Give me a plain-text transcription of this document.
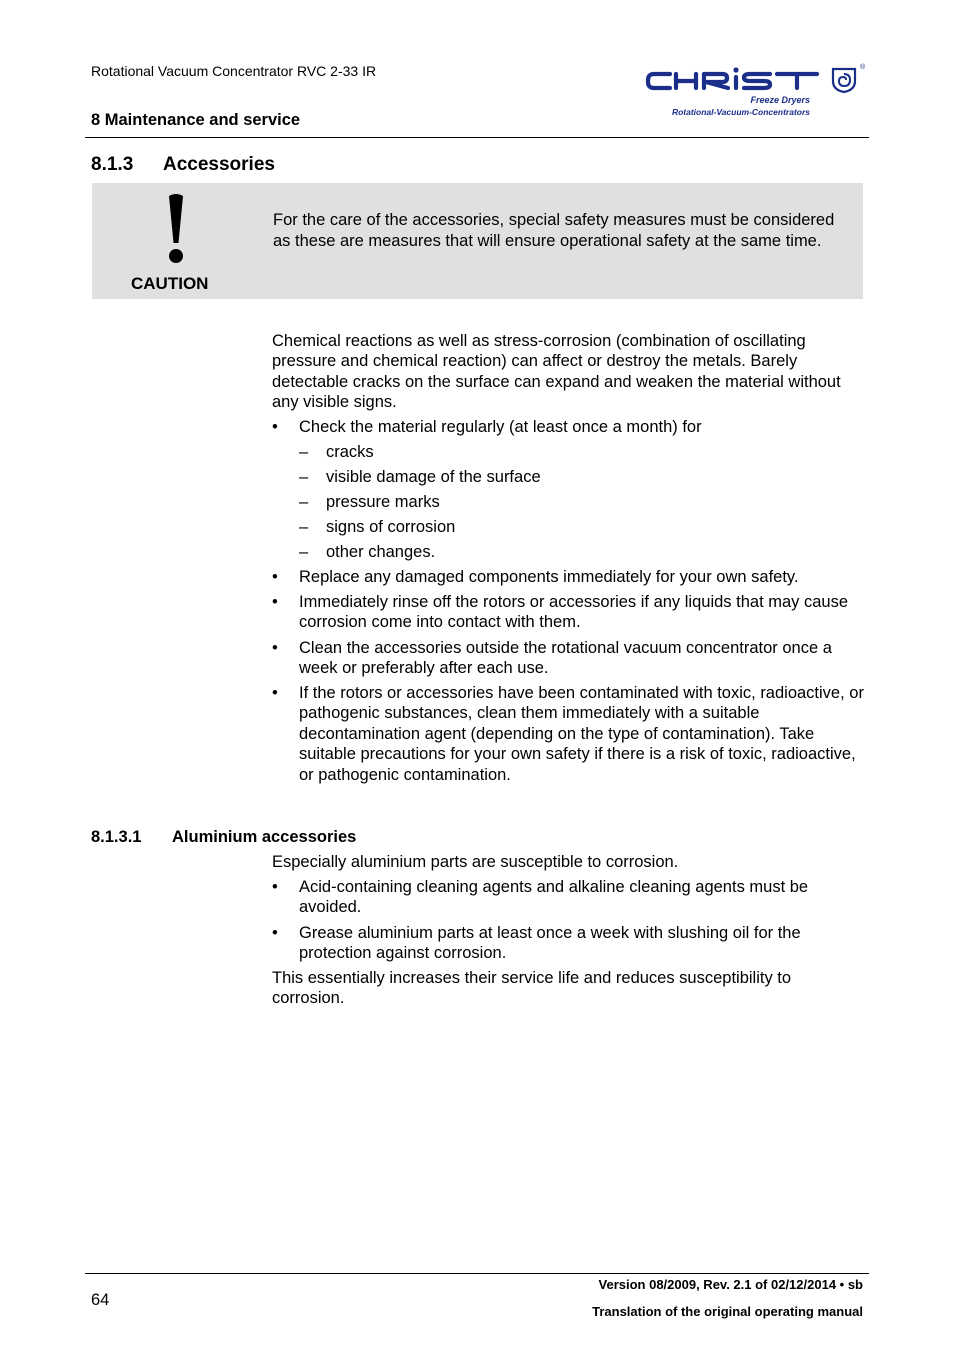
Rotational Vacuum Concentrator RVC 2-33 IR
8 Maintenance and service
®
Freeze Dryers
Rotational-Vacuum-Concentrators
8.1.3 Accessories
CAUTION
For the care of the accessories, special safety measures must be considered as these are measures that will ensure operational safety at the same time.
Chemical reactions as well as stress-corrosion (combination of oscillating pressure and chemical reaction) can affect or destroy the metals. Barely detectable cracks on the surface can expand and weaken the material without any visible signs.
• Check the material regularly (at least once a month) for
– cracks
– visible damage of the surface
– pressure marks
– signs of corrosion
– other changes.
• Replace any damaged components immediately for your own safety.
• Immediately rinse off the rotors or accessories if any liquids that may cause corrosion come into contact with them.
• Clean the accessories outside the rotational vacuum concentrator once a week or preferably after each use.
• If the rotors or accessories have been contaminated with toxic, radioactive, or pathogenic substances, clean them immediately with a suitable decontamination agent (depending on the type of contamination). Take suitable precautions for your own safety if there is a risk of toxic, radioactive, or pathogenic contamination.
8.1.3.1 Aluminium accessories
Especially aluminium parts are susceptible to corrosion.
• Acid-containing cleaning agents and alkaline cleaning agents must be avoided.
• Grease aluminium parts at least once a week with slushing oil for the protection against corrosion.
This essentially increases their service life and reduces susceptibility to corrosion.
64
Version 08/2009, Rev. 2.1 of 02/12/2014 • sb
Translation of the original operating manual
